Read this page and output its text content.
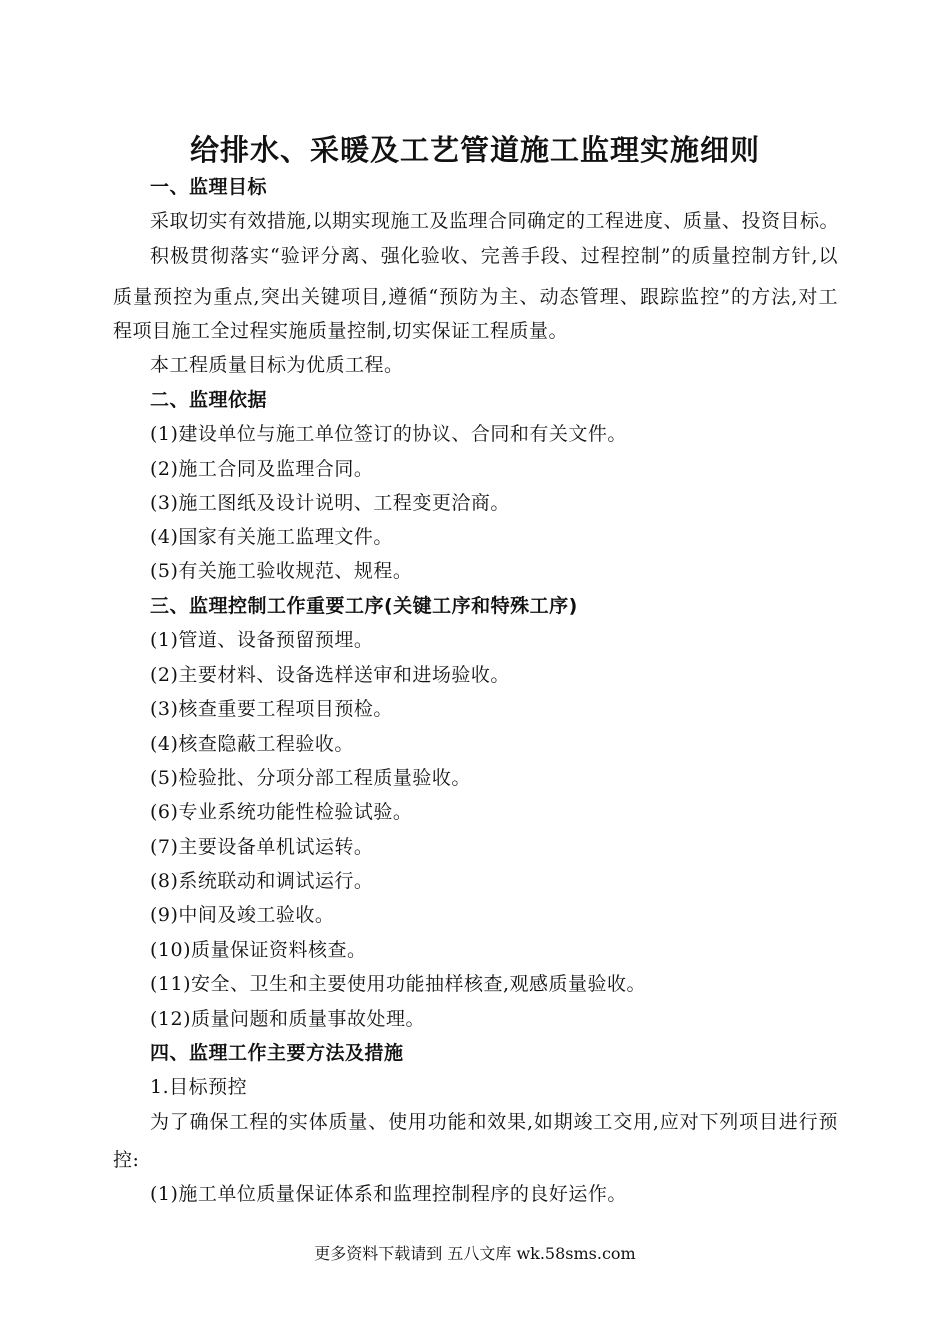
给排水、采暖及工艺管道施工监理实施细则
一、监理目标
采取切实有效措施,以期实现施工及监理合同确定的工程进度、质量、投资目标。
积极贯彻落实“验评分离、强化验收、完善手段、过程控制”的质量控制方针,以
质量预控为重点,突出关键项目,遵循“预防为主、动态管理、跟踪监控”的方法,对工
程项目施工全过程实施质量控制,切实保证工程质量。
本工程质量目标为优质工程。
二、监理依据
(1)建设单位与施工单位签订的协议、合同和有关文件。
(2)施工合同及监理合同。
(3)施工图纸及设计说明、工程变更洽商。
(4)国家有关施工监理文件。
(5)有关施工验收规范、规程。
三、监理控制工作重要工序(关键工序和特殊工序)
(1)管道、设备预留预埋。
(2)主要材料、设备选样送审和进场验收。
(3)核查重要工程项目预检。
(4)核查隐蔽工程验收。
(5)检验批、分项分部工程质量验收。
(6)专业系统功能性检验试验。
(7)主要设备单机试运转。
(8)系统联动和调试运行。
(9)中间及竣工验收。
(10)质量保证资料核查。
(11)安全、卫生和主要使用功能抽样核查,观感质量验收。
(12)质量问题和质量事故处理。
四、监理工作主要方法及措施
1.目标预控
为了确保工程的实体质量、使用功能和效果,如期竣工交用,应对下列项目进行预
控:
(1)施工单位质量保证体系和监理控制程序的良好运作。
更多资料下载请到 五八文库 wk.58sms.com
